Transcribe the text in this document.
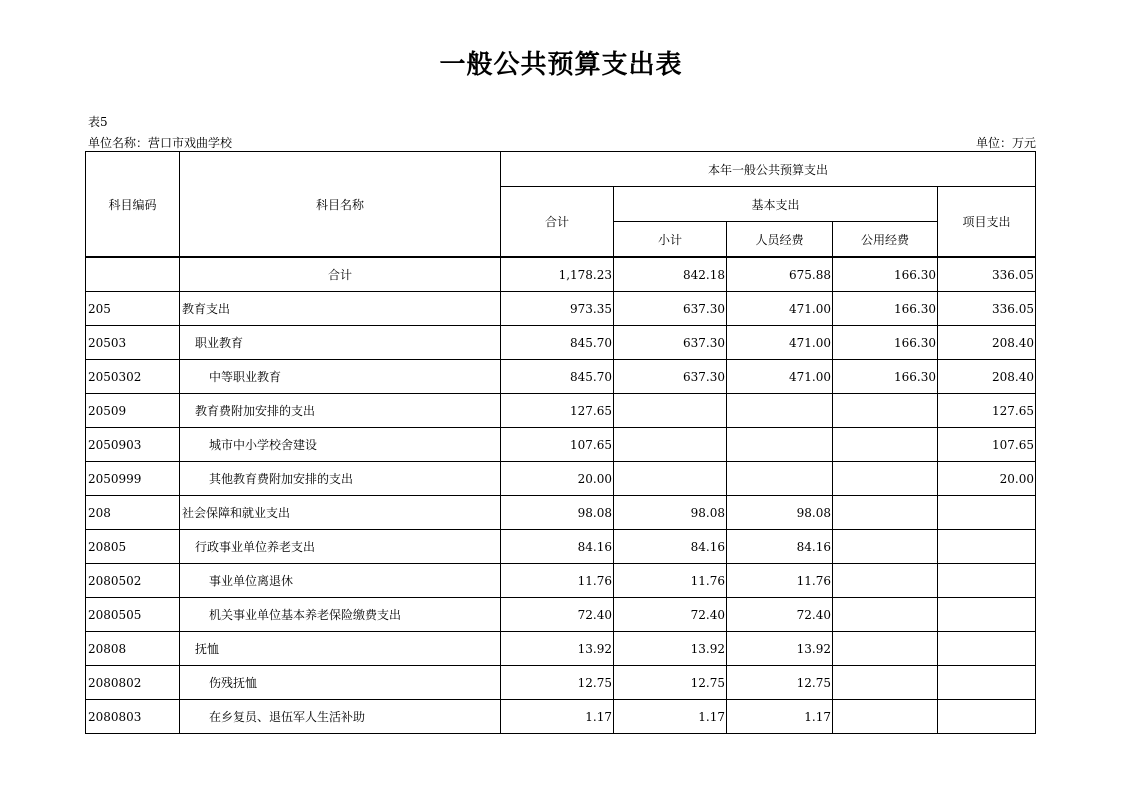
一般公共预算支出表
表5
单位名称：营口市戏曲学校	单位：万元
科目编码	科目名称	本年一般公共预算支出				
		合计	基本支出			项目支出
			小计	人员经费	公用经费	
	合计	1,178.23	842.18	675.88	166.30	336.05
205	教育支出	973.35	637.30	471.00	166.30	336.05
20503	职业教育	845.70	637.30	471.00	166.30	208.40
2050302	中等职业教育	845.70	637.30	471.00	166.30	208.40
20509	教育费附加安排的支出	127.65				127.65
2050903	城市中小学校舍建设	107.65				107.65
2050999	其他教育费附加安排的支出	20.00				20.00
208	社会保障和就业支出	98.08	98.08	98.08		
20805	行政事业单位养老支出	84.16	84.16	84.16		
2080502	事业单位离退休	11.76	11.76	11.76		
2080505	机关事业单位基本养老保险缴费支出	72.40	72.40	72.40		
20808	抚恤	13.92	13.92	13.92		
2080802	伤残抚恤	12.75	12.75	12.75		
2080803	在乡复员、退伍军人生活补助	1.17	1.17	1.17		
